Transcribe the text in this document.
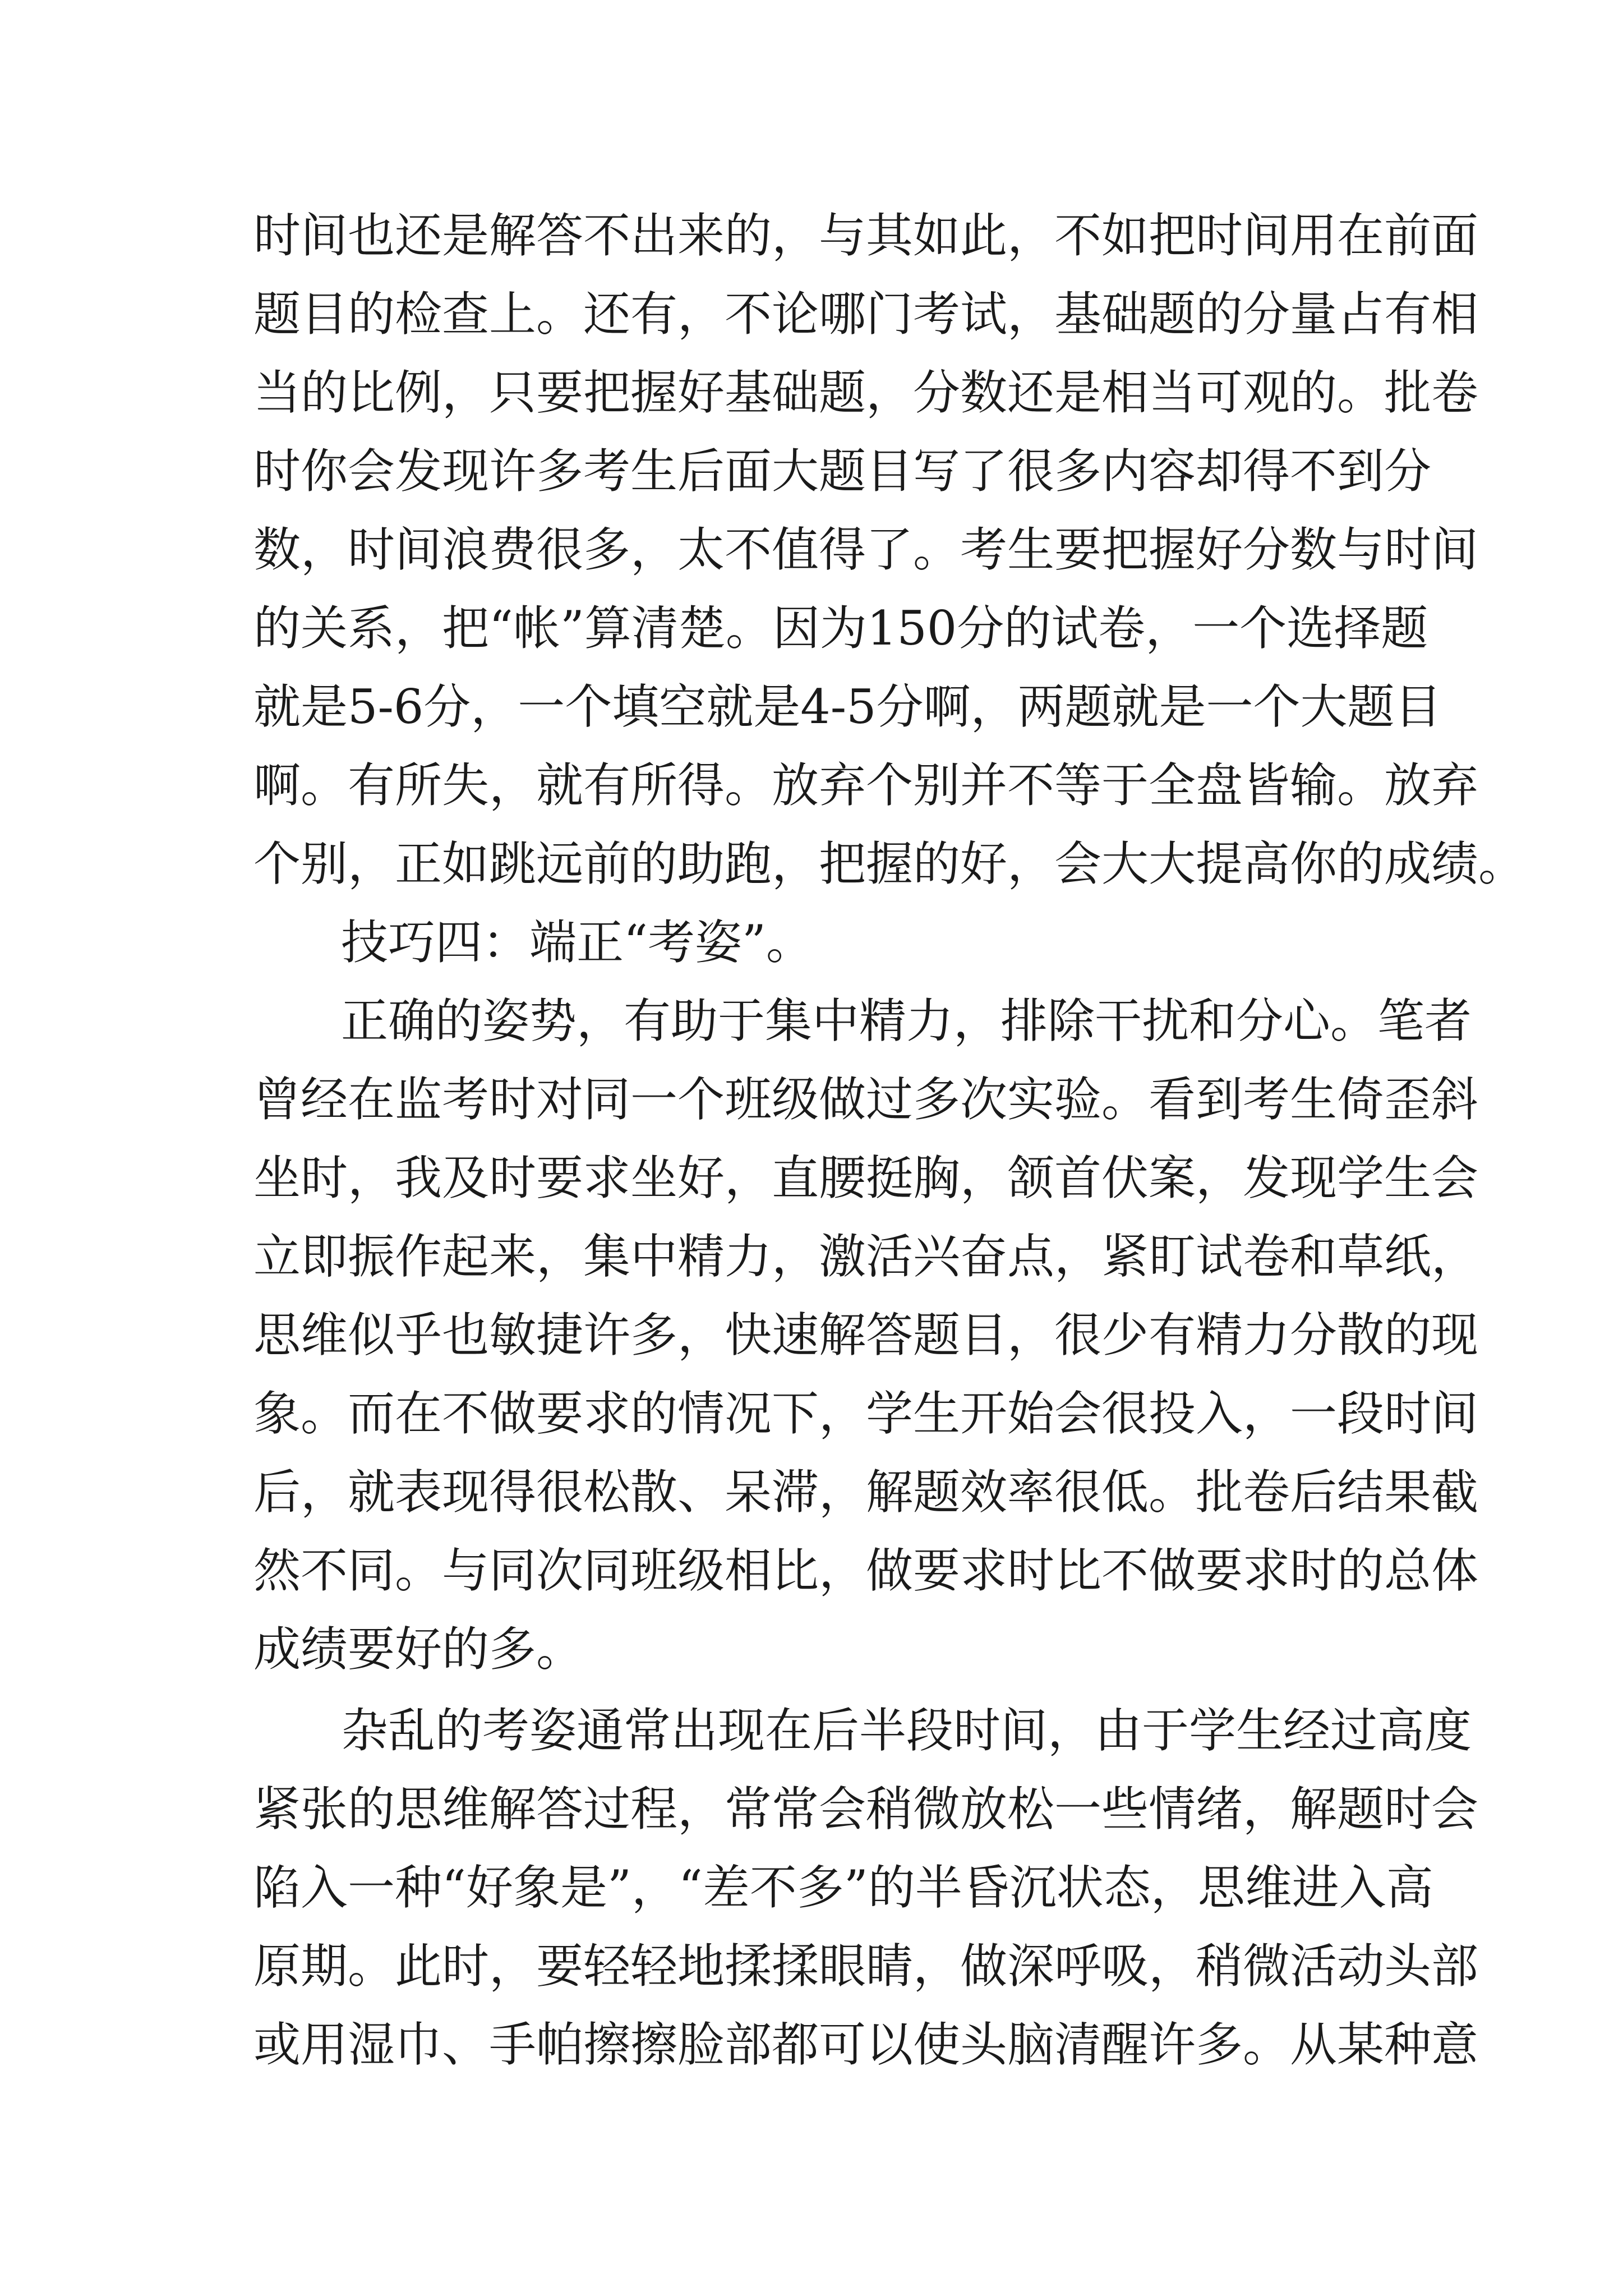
时间也还是解答不出来的，与其如此，不如把时间用在前面
题目的检查上。还有，不论哪门考试，基础题的分量占有相
当的比例，只要把握好基础题，分数还是相当可观的。批卷
时你会发现许多考生后面大题目写了很多内容却得不到分
数，时间浪费很多，太不值得了。考生要把握好分数与时间
的关系，把“帐”算清楚。因为150分的试卷，一个选择题
就是5-6分，一个填空就是4-5分啊，两题就是一个大题目
啊。有所失，就有所得。放弃个别并不等于全盘皆输。放弃
个别，正如跳远前的助跑，把握的好，会大大提高你的成绩。
技巧四：端正“考姿”。
正确的姿势，有助于集中精力，排除干扰和分心。笔者
曾经在监考时对同一个班级做过多次实验。看到考生倚歪斜
坐时，我及时要求坐好，直腰挺胸，颔首伏案，发现学生会
立即振作起来，集中精力，激活兴奋点，紧盯试卷和草纸，
思维似乎也敏捷许多，快速解答题目，很少有精力分散的现
象。而在不做要求的情况下，学生开始会很投入，一段时间
后，就表现得很松散、呆滞，解题效率很低。批卷后结果截
然不同。与同次同班级相比，做要求时比不做要求时的总体
成绩要好的多。
杂乱的考姿通常出现在后半段时间，由于学生经过高度
紧张的思维解答过程，常常会稍微放松一些情绪，解题时会
陷入一种“好象是”，“差不多”的半昏沉状态，思维进入高
原期。此时，要轻轻地揉揉眼睛，做深呼吸，稍微活动头部
或用湿巾、手帕擦擦脸部都可以使头脑清醒许多。从某种意
